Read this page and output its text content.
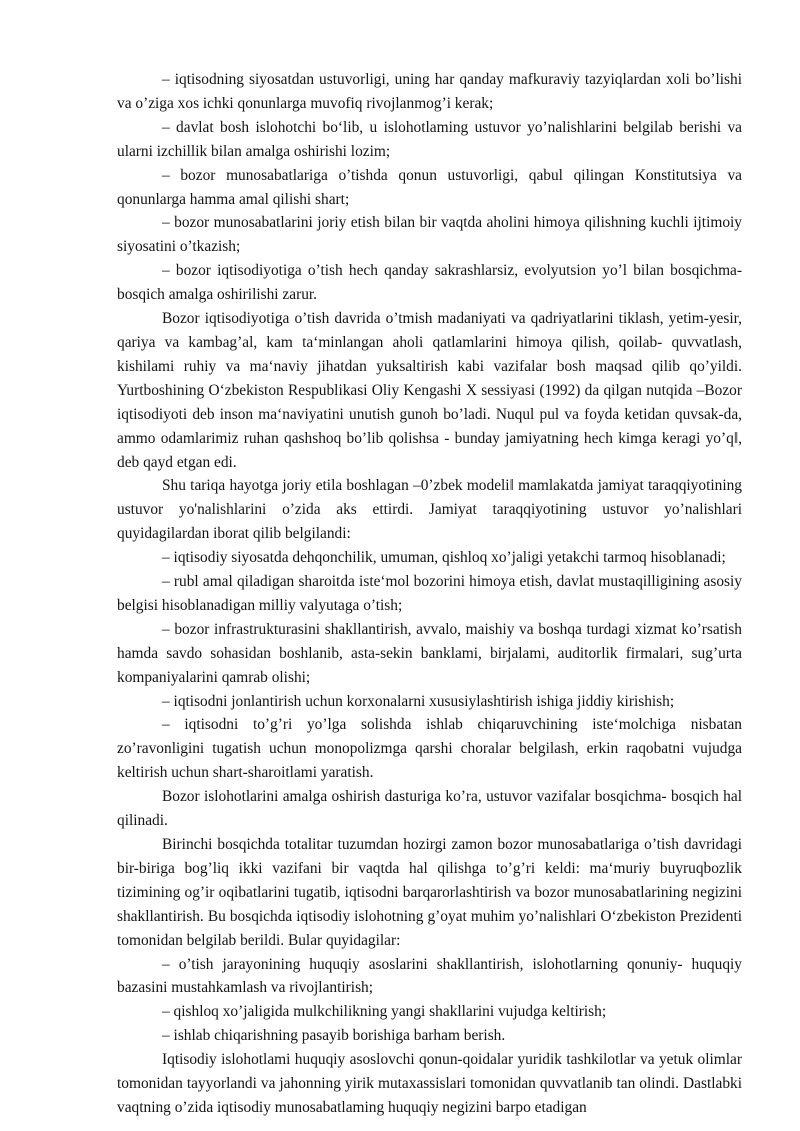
– iqtisodning siyosatdan ustuvorligi, uning har qanday mafkuraviy tazyiqlardan xoli bo’lishi va o’ziga xos ichki qonunlarga muvofiq rivojlanmog’i kerak;

– davlat bosh islohotchi bo‘lib, u islohotlaming ustuvor yo’nalishlarini belgilab berishi va ularni izchillik bilan amalga oshirishi lozim;

– bozor munosabatlariga o’tishda qonun ustuvorligi, qabul qilingan Konstitutsiya va qonunlarga hamma amal qilishi shart;

– bozor munosabatlarini joriy etish bilan bir vaqtda aholini himoya qilishning kuchli ijtimoiy siyosatini o’tkazish;

– bozor iqtisodiyotiga o’tish hech qanday sakrashlarsiz, evolyutsion yo’l bilan bosqichma-bosqich amalga oshirilishi zarur.

Bozor iqtisodiyotiga o’tish davrida o’tmish madaniyati va qadriyatlarini tiklash, yetim-yesir, qariya va kambag’al, kam ta‘minlangan aholi qatlamlarini himoya qilish, qoilab- quvvatlash, kishilami ruhiy va ma‘naviy jihatdan yuksaltirish kabi vazifalar bosh maqsad qilib qo’yildi. Yurtboshining O‘zbekiston Respublikasi Oliy Kengashi X sessiyasi (1992) da qilgan nutqida –Bozor iqtisodiyoti deb inson ma‘naviyatini unutish gunoh bo’ladi. Nuqul pul va foyda ketidan quvsak-da, ammo odamlarimiz ruhan qashshoq bo’lib qolishsa - bunday jamiyatning hech kimga keragi yo’q‖, deb qayd etgan edi.

Shu tariqa hayotga joriy etila boshlagan –0’zbek modeli‖ mamlakatda jamiyat taraqqiyotining ustuvor yo'nalishlarini o’zida aks ettirdi. Jamiyat taraqqiyotining ustuvor yo’nalishlari quyidagilardan iborat qilib belgilandi:

– iqtisodiy siyosatda dehqonchilik, umuman, qishloq xo’jaligi yetakchi tarmoq hisoblanadi;

– rubl amal qiladigan sharoitda iste‘mol bozorini himoya etish, davlat mustaqilligining asosiy belgisi hisoblanadigan milliy valyutaga o’tish;

– bozor infrastrukturasini shakllantirish, avvalo, maishiy va boshqa turdagi xizmat ko’rsatish hamda savdo sohasidan boshlanib, asta-sekin banklami, birjalami, auditorlik firmalari, sug’urta kompaniyalarini qamrab olishi;

– iqtisodni jonlantirish uchun korxonalarni xususiylashtirish ishiga jiddiy kirishish;

– iqtisodni to’g’ri yo’lga solishda ishlab chiqaruvchining iste‘molchiga nisbatan zo’ravonligini tugatish uchun monopolizmga qarshi choralar belgilash, erkin raqobatni vujudga keltirish uchun shart-sharoitlami yaratish.

Bozor islohotlarini amalga oshirish dasturiga ko’ra, ustuvor vazifalar bosqichma- bosqich hal qilinadi.

Birinchi bosqichda totalitar tuzumdan hozirgi zamon bozor munosabatlariga o’tish davridagi bir-biriga bog’liq ikki vazifani bir vaqtda hal qilishga to’g’ri keldi: ma‘muriy buyruqbozlik tizimining og’ir oqibatlarini tugatib, iqtisodni barqarorlashtirish va bozor munosabatlarining negizini shakllantirish. Bu bosqichda iqtisodiy islohotning g’oyat muhim yo’nalishlari O‘zbekiston Prezidenti tomonidan belgilab berildi. Bular quyidagilar:

– o’tish jarayonining huquqiy asoslarini shakllantirish, islohotlarning qonuniy- huquqiy bazasini mustahkamlash va rivojlantirish;

– qishloq xo’jaligida mulkchilikning yangi shakllarini vujudga keltirish;

– ishlab chiqarishning pasayib borishiga barham berish.

Iqtisodiy islohotlami huquqiy asoslovchi qonun-qoidalar yuridik tashkilotlar va yetuk olimlar tomonidan tayyorlandi va jahonning yirik mutaxassislari tomonidan quvvatlanib tan olindi. Dastlabki vaqtning o’zida iqtisodiy munosabatlaming huquqiy negizini barpo etadigan
